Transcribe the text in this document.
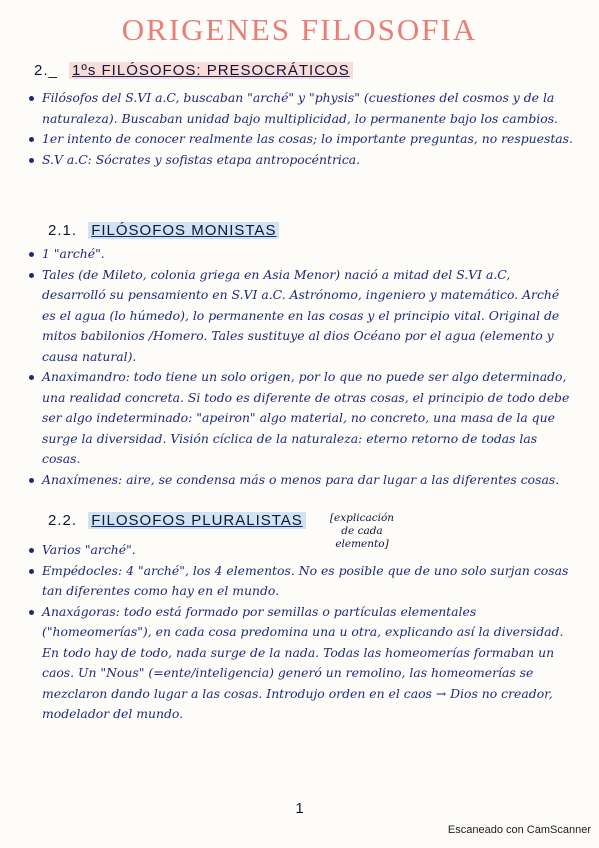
ORIGENES FILOSOFIA
2._ 1ºs FILÓSOFOS: PRESOCRÁTICOS

Filósofos del S.VI a.C, buscaban "arché" y "physis" (cuestiones del cosmos y de la naturaleza). Buscaban unidad bajo multiplicidad, lo permanente bajo los cambios.

1er intento de conocer realmente las cosas; lo importante preguntas, no respuestas.

S.V a.C: Sócrates y sofistas etapa antropocéntrica.

2.1. FILÓSOFOS MONISTAS

1 "arché".

Tales (de Mileto, colonia griega en Asia Menor) nació a mitad del S.VI a.C, desarrolló su pensamiento en S.VI a.C. Astrónomo, ingeniero y matemático. Arché es el agua (lo húmedo), lo permanente en las cosas y el principio vital. Original de mitos babilonios /Homero. Tales sustituye al dios Océano por el agua (elemento y causa natural).

Anaximandro: todo tiene un solo origen, por lo que no puede ser algo determinado, una realidad concreta. Si todo es diferente de otras cosas, el principio de todo debe ser algo indeterminado: "apeiron" algo material, no concreto, una masa de la que surge la diversidad. Visión cíclica de la naturaleza: eterno retorno de todas las cosas.

Anaxímenes: aire, se condensa más o menos para dar lugar a las diferentes cosas.

2.2. FILOSOFOS PLURALISTAS	[explicación de cada elemento]

Varios "arché".

Empédocles: 4 "arché", los 4 elementos. No es posible que de uno solo surjan cosas tan diferentes como hay en el mundo.

Anaxágoras: todo está formado por semillas o partículas elementales ("homeomerías"), en cada cosa predomina una u otra, explicando así la diversidad. En todo hay de todo, nada surge de la nada. Todas las homeomerías formaban un caos. Un "Nous" (=ente/inteligencia) generó un remolino, las homeomerías se mezclaron dando lugar a las cosas. Introdujo orden en el caos → Dios no creador, modelador del mundo.

1
Escaneado con CamScanner
